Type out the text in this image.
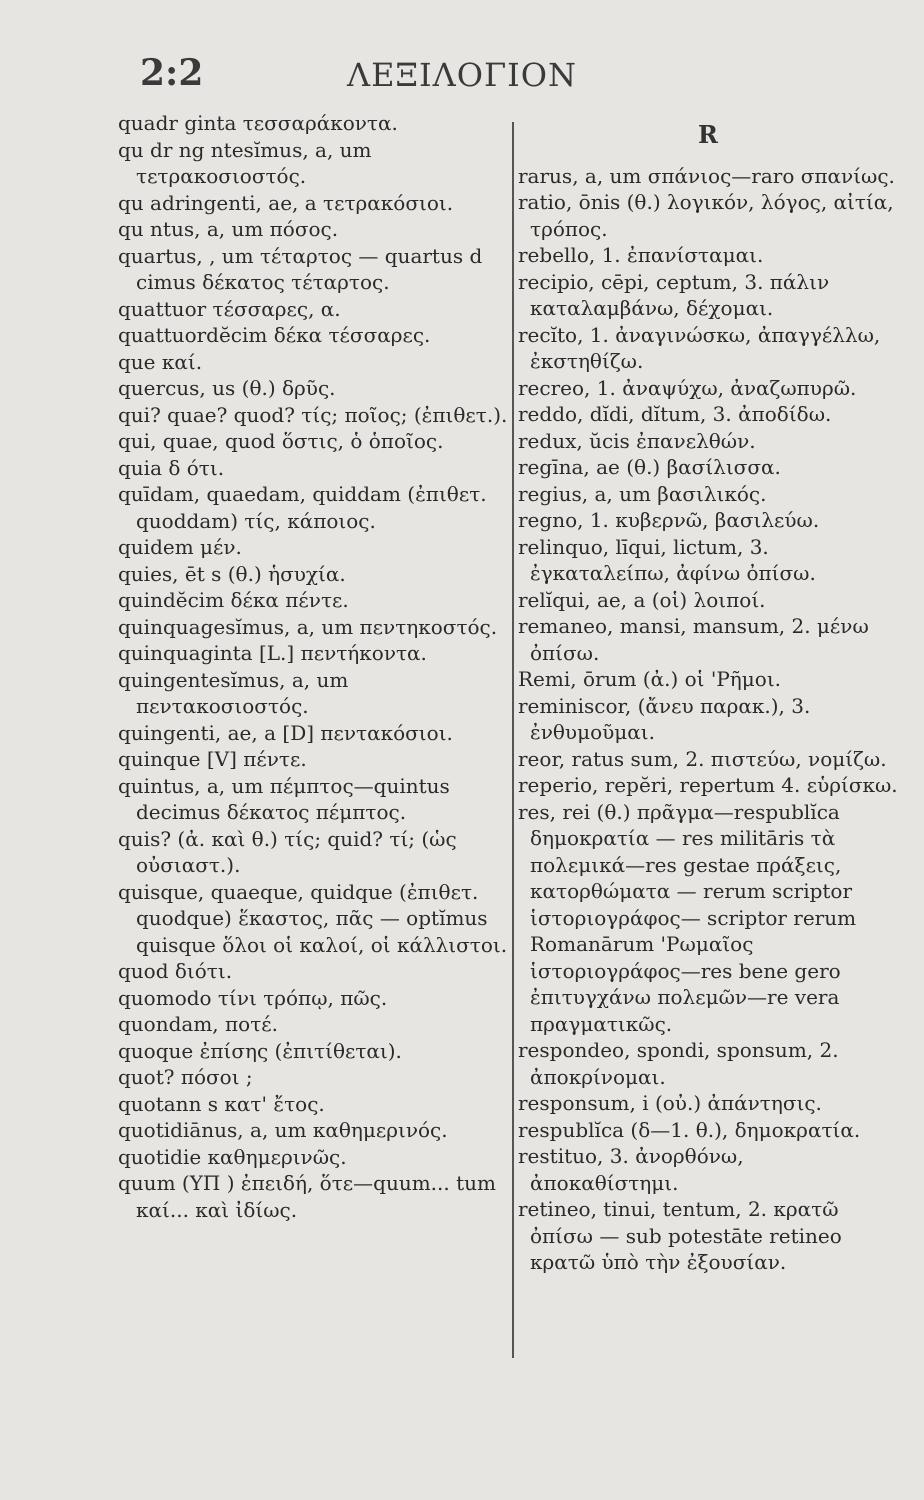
2:2	ΛΕΞΙΛΟΓΙΟΝ

quadr ginta τεσσαράκοντα.

qu dr ng ntesĭmus, a, um τετρακοσιοστός.

qu adringenti, ae, a τετρακόσιοι.

qu ntus, a, um πόσος.

quartus, , um τέταρτος — quartus d cimus δέκατος τέταρτος.

quattuor τέσσαρες, α.

quattuordĕcim δέκα τέσσαρες.

que καί.

quercus, us (θ.) δρῦς.

qui? quae? quod? τίς; ποῖος; (ἐπιθετ.).

qui, quae, quod ὅστις, ὁ ὁποῖος.

quia δ ότι.

quīdam, quaedam, quiddam (ἐπιθετ. quoddam) τίς, κάποιος.

quidem μέν.

quies, ēt s (θ.) ἡσυχία.

quindĕcim δέκα πέντε.

quinquagesĭmus, a, um πεντηκοστός.

quinquaginta [L.] πεντήκοντα.

quingentesĭmus, a, um πεντακοσιοστός.

quingenti, ae, a [D] πεντακόσιοι.

quinque [V] πέντε.

quintus, a, um πέμπτος—quintus decimus δέκατος πέμπτος.

quis? (ἀ. καὶ θ.) τίς; quid? τί; (ὡς οὐσιαστ.).

quisque, quaeque, quidque (ἐπιθετ. quodque) ἕκαστος, πᾶς — optĭmus quisque ὅλοι οἱ καλοί, οἱ κάλλιστοι.

quod διότι.

quomodo τίνι τρόπῳ, πῶς.

quondam, ποτέ.

quoque ἐπίσης (ἐπιτίθεται).

quot? πόσοι ;

quotann s κατ' ἔτος.

quotidiānus, a, um καθημερινός.

quotidie καθημερινῶς.

quum (ΥΠ ) ἐπειδή, ὅτε—quum... tum καί... καὶ ἰδίως.

R

rarus, a, um σπάνιος—raro σπανίως.

ratio, ōnis (θ.) λογικόν, λόγος, αἰτία, τρόπος.

rebello, 1. ἐπανίσταμαι.

recipio, cēpi, ceptum, 3. πάλιν καταλαμβάνω, δέχομαι.

recĭto, 1. ἀναγινώσκω, ἀπαγγέλλω, ἐκστηθίζω.

recreo, 1. ἀναψύχω, ἀναζωπυρῶ.

reddo, dĭdi, dĭtum, 3. ἀποδίδω.

redux, ŭcis ἐπανελθών.

regīna, ae (θ.) βασίλισσα.

regius, a, um βασιλικός.

regno, 1. κυβερνῶ, βασιλεύω.

relinquo, līqui, lictum, 3. ἐγκαταλείπω, ἀφίνω ὀπίσω.

relĭqui, ae, a (οἱ) λοιποί.

remaneo, mansi, mansum, 2. μένω ὀπίσω.

Remi, ōrum (ἀ.) οἱ 'Ρῆμοι.

reminiscor, (ἄνευ παρακ.), 3. ἐνθυμοῦμαι.

reor, ratus sum, 2. πιστεύω, νομίζω.

reperio, repĕri, repertum 4. εὑρίσκω.

res, rei (θ.) πρᾶγμα—respublĭca δημοκρατία — res militāris τὰ πολεμικά—res gestae πράξεις, κατορθώματα — rerum scriptor ἱστοριογράφος— scriptor rerum Romanārum 'Ρωμαῖος ἱστοριογράφος—res bene gero ἐπιτυγχάνω πολεμῶν—re vera πραγματικῶς.

respondeo, spondi, sponsum, 2. ἀποκρίνομαι.

responsum, i (οὐ.) ἀπάντησις.

respublĭca (δ—1. θ.), δημοκρατία.

restituo, 3. ἀνορθόνω, ἀποκαθίστημι.

retineo, tinui, tentum, 2. κρατῶ ὀπίσω — sub potestāte retineo κρατῶ ὑπὸ τὴν ἐξουσίαν.
